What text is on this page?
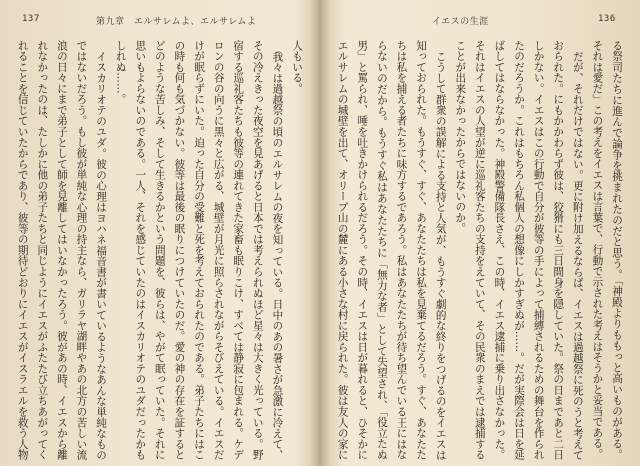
137	第九章　エルサレムよ、エルサレムよ

人もいる。

我々は過越祭の頃のエルサレムの夜を知っている。日中のあの暑さが急激に冷えて、その冷えきった夜空を見あげると日本では考えられぬほど星々は大きく光っている。野宿する巡礼客たちも彼等の連れてきた家畜も眠りこけ、すべては静寂に包まれる。ケデロンの谷の向うに黒々と広がる、城壁が月光に照らされながらそびえている。イエスだけが眠らずにいた。迫った自分の受難と死を考えておられたのである。弟子たちにはこの時も何も気づかない。彼等は最後の眠りにつけていたのだ。愛の神の存在を証するとどのような苦しみ、そして生きるかという問題を、彼らは、やがて眠っていた。それに思いもよらないのである。一人、それを感じていたのはイスカリオテのユダだったかもしれぬ……。

イスカリオテのユダ。彼の心理はヨハネ福音書が書いているようなあんな単純なものではないだろう。もし彼が単純な心理の持主なら、ガリラヤ湖畔やあの北方の苦しい流浪の日々にまで弟子として師を見離してはいなかったろう。彼があの時、イエスから離れなかったのは、たしかに他の弟子たちと同じようにイエスがふたたび立ちあがってくれることを信じていたからであり、彼等の期待どおりにイエスがイスラエルを救う人物

イエスの生涯	136

る祭司たちに進んで論争を挑まれたのだと思う。「神殿よりももっと高いものがある。それは愛だ」この考えをイエスは言葉で、行動で示された考えはそうかと妥当である。

だが、それだけではない。更に附け加えるならば、イエスは過越祭に死のうと考えておられた。にもかかわらず彼は、狡猾にも三日間身を隠していた。祭の日まであと二日しかない。イエスはこの行動で自分が彼等の手によって捕縛されるための舞台を作られたのだろうか。これはもちろん私個人の想像にしかすぎぬが……。だが実際会は日を延ばしてはならなかった。神殿警備隊長さえ、この時、イエス逮捕に乗り出さなかった。それはイエスの人望が逆に巡礼客たちの支持をえていて、その民衆のまえでは逮捕することが出来なかったからではないのか。

こうして群衆の誤解による支持と人気が、もうすぐ劇的な終りをつげるのをイエスは知っておられた。もうすぐ、すぐ、あなたたちは私を見棄てるだろう。すぐ、あなたたちは私を捕える者たちに味方するであろう。私はあなたたちが待ち望んでいる王にはならないのだから。もうすぐ私はあなたたちに「無力な者」として失望され、「役立たぬ男」と罵られ、唾を吐きかけられるだろう。その時、イエスは日が暮れると、ひそかにエルサレムの城壁を出て、オリーブ山の麓にある小さな村に戻られた。彼は友人の家に
